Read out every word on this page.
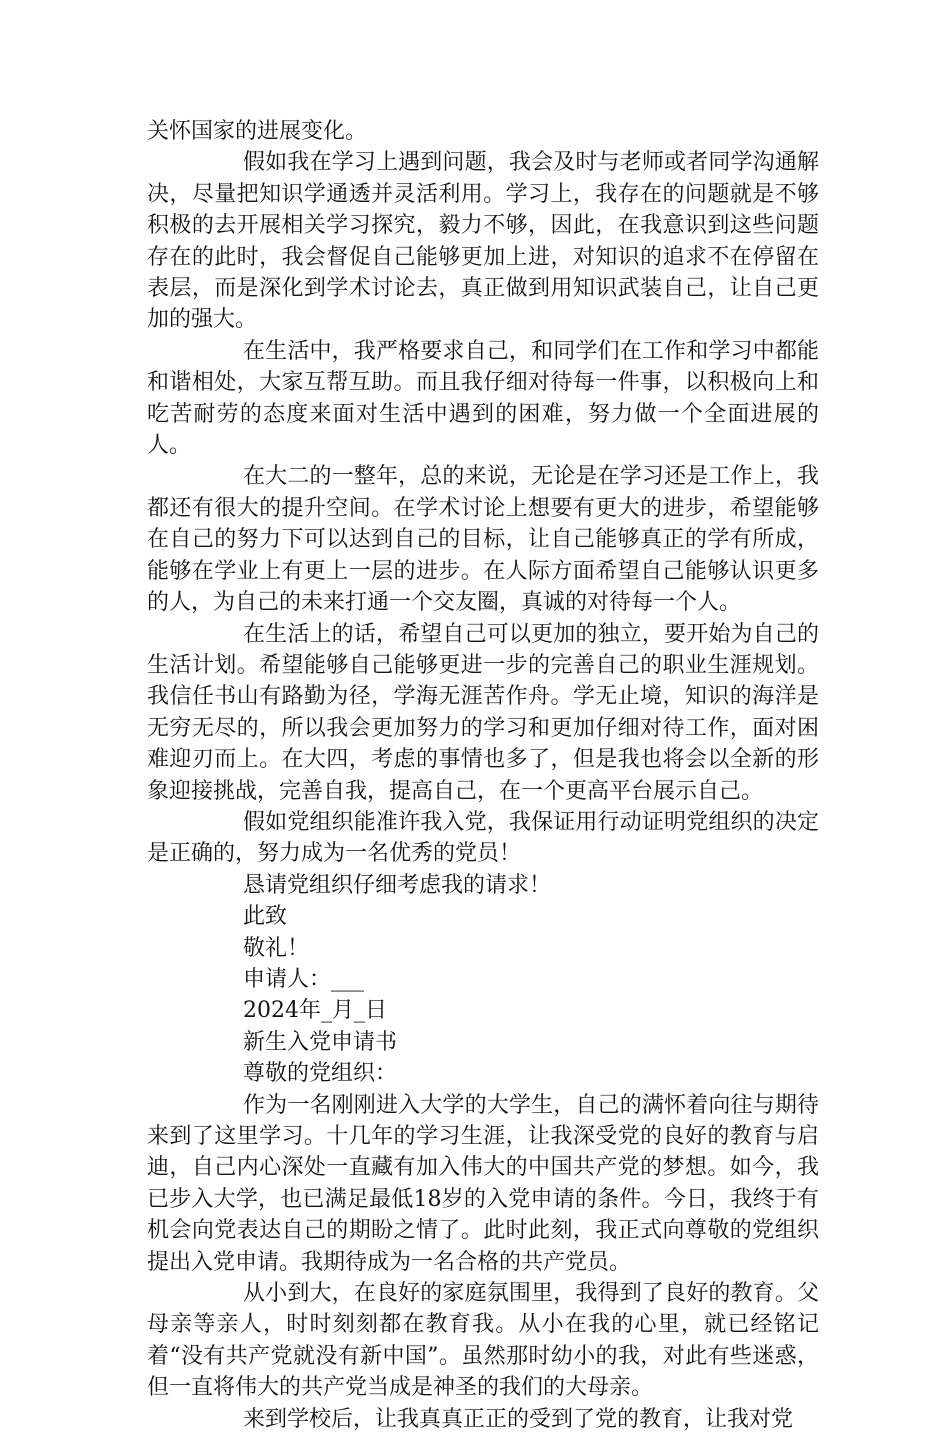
关怀国家的进展变化。

假如我在学习上遇到问题，我会及时与老师或者同学沟通解决，尽量把知识学通透并灵活利用。学习上，我存在的问题就是不够积极的去开展相关学习探究，毅力不够，因此，在我意识到这些问题存在的此时，我会督促自己能够更加上进，对知识的追求不在停留在表层，而是深化到学术讨论去，真正做到用知识武装自己，让自己更加的强大。

在生活中，我严格要求自己，和同学们在工作和学习中都能和谐相处，大家互帮互助。而且我仔细对待每一件事，以积极向上和吃苦耐劳的态度来面对生活中遇到的困难，努力做一个全面进展的人。

在大二的一整年，总的来说，无论是在学习还是工作上，我都还有很大的提升空间。在学术讨论上想要有更大的进步，希望能够在自己的努力下可以达到自己的目标，让自己能够真正的学有所成，能够在学业上有更上一层的进步。在人际方面希望自己能够认识更多的人，为自己的未来打通一个交友圈，真诚的对待每一个人。

在生活上的话，希望自己可以更加的独立，要开始为自己的生活计划。希望能够自己能够更进一步的完善自己的职业生涯规划。我信任书山有路勤为径，学海无涯苦作舟。学无止境，知识的海洋是无穷无尽的，所以我会更加努力的学习和更加仔细对待工作，面对困难迎刃而上。在大四，考虑的事情也多了，但是我也将会以全新的形象迎接挑战，完善自我，提高自己，在一个更高平台展示自己。

假如党组织能准许我入党，我保证用行动证明党组织的决定是正确的，努力成为一名优秀的党员！

恳请党组织仔细考虑我的请求！

此致

敬礼！

申请人：___

2024年_月_日

新生入党申请书

尊敬的党组织：

作为一名刚刚进入大学的大学生，自己的满怀着向往与期待来到了这里学习。十几年的学习生涯，让我深受党的良好的教育与启迪，自己内心深处一直藏有加入伟大的中国共产党的梦想。如今，我已步入大学，也已满足最低18岁的入党申请的条件。今日，我终于有机会向党表达自己的期盼之情了。此时此刻，我正式向尊敬的党组织提出入党申请。我期待成为一名合格的共产党员。

从小到大，在良好的家庭氛围里，我得到了良好的教育。父母亲等亲人，时时刻刻都在教育我。从小在我的心里，就已经铭记着“没有共产党就没有新中国”。虽然那时幼小的我，对此有些迷惑，但一直将伟大的共产党当成是神圣的我们的大母亲。

来到学校后，让我真真正正的受到了党的教育，让我对党
